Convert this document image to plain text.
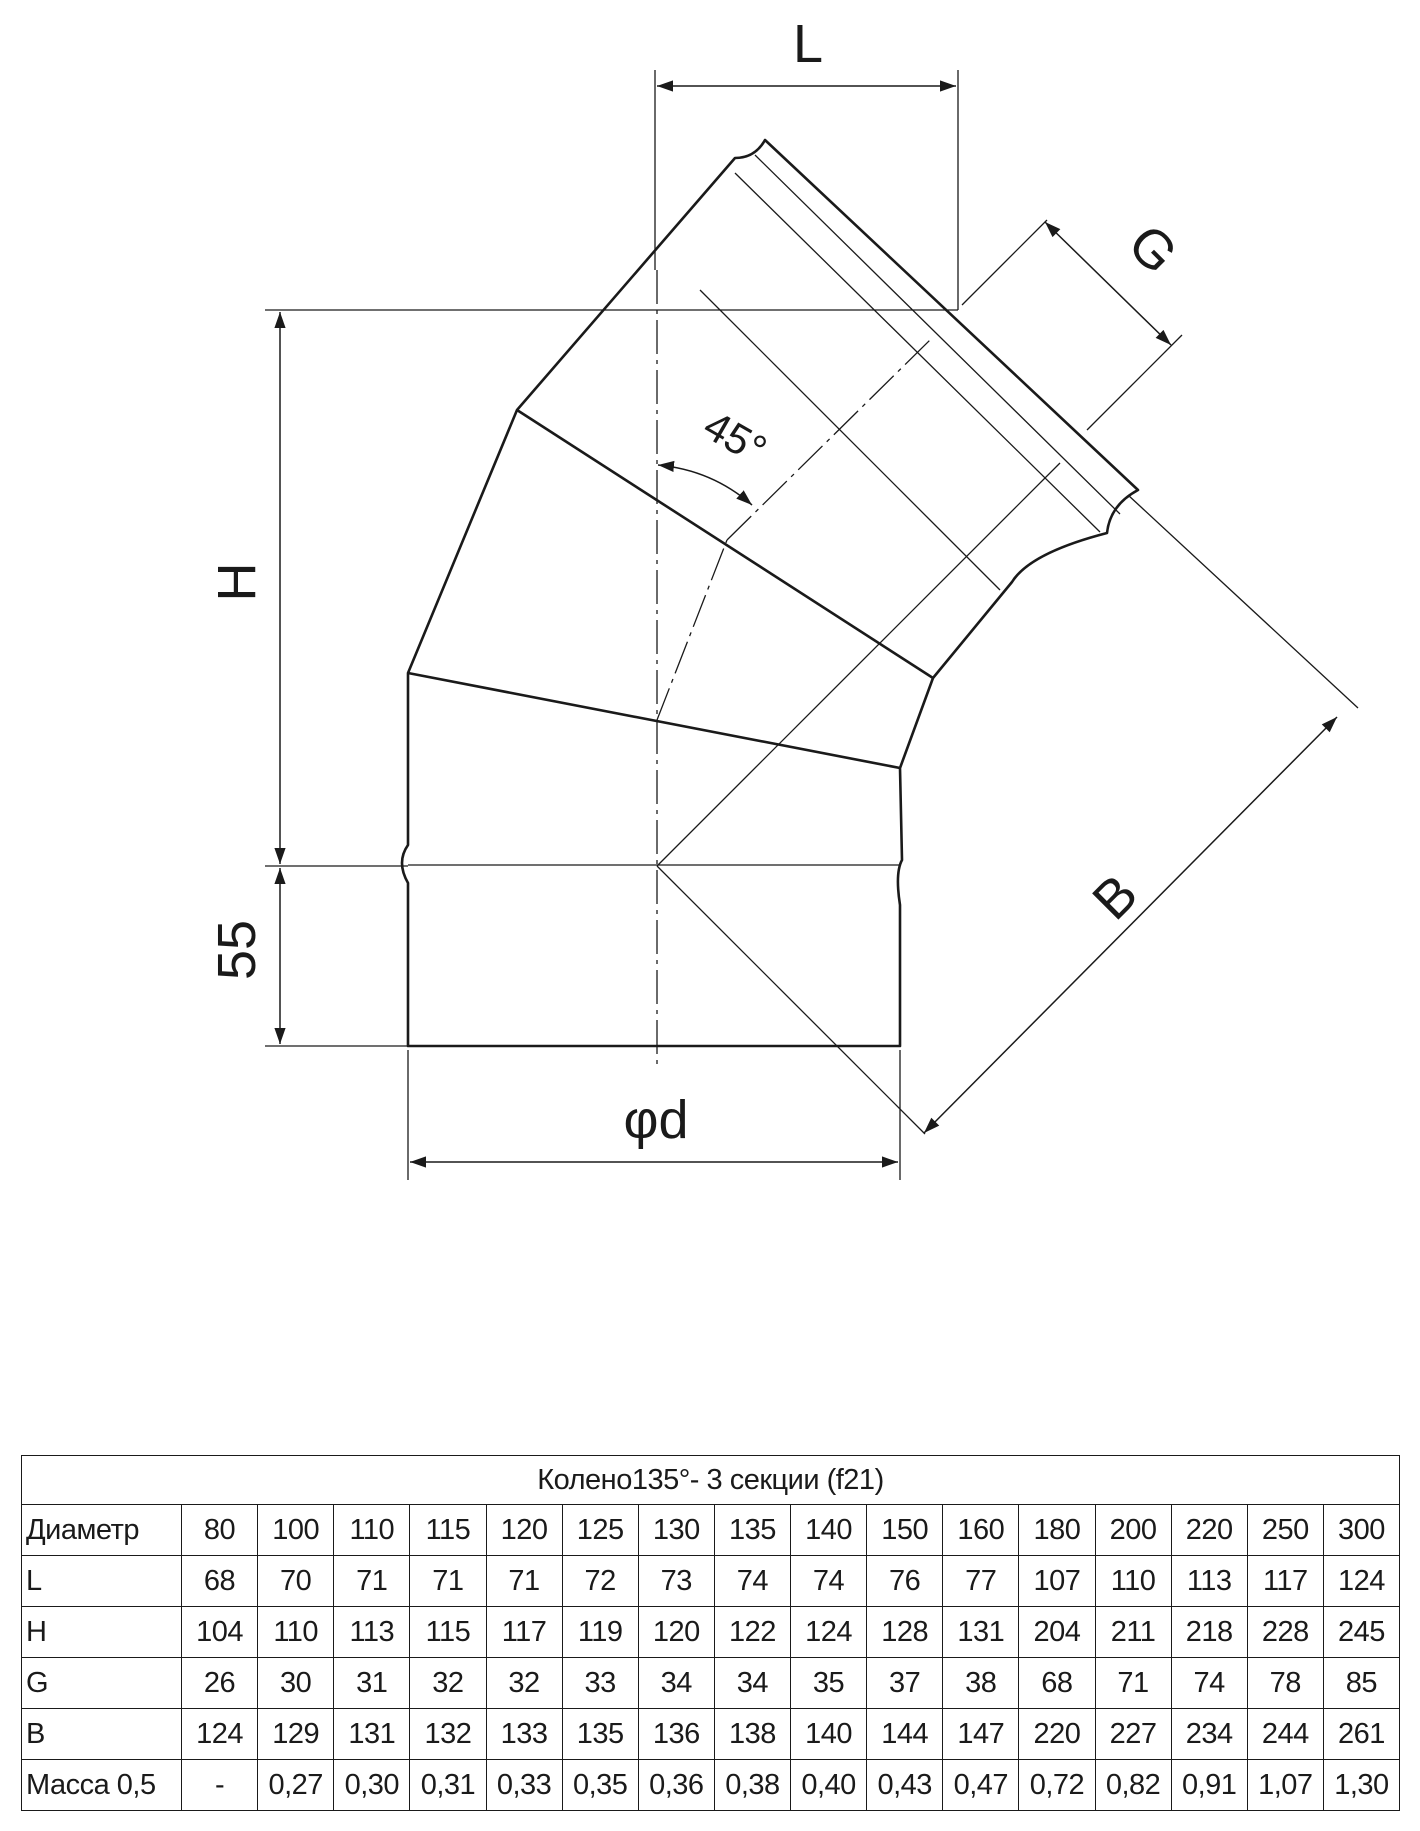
L
G
H
55
φd
B
45°
Колено135°- 3 секции (f21)																
Диаметр	80	100	110	115	120	125	130	135	140	150	160	180	200	220	250	300
L	68	70	71	71	71	72	73	74	74	76	77	107	110	113	117	124
H	104	110	113	115	117	119	120	122	124	128	131	204	211	218	228	245
G	26	30	31	32	32	33	34	34	35	37	38	68	71	74	78	85
B	124	129	131	132	133	135	136	138	140	144	147	220	227	234	244	261
Масса 0,5	-	0,27	0,30	0,31	0,33	0,35	0,36	0,38	0,40	0,43	0,47	0,72	0,82	0,91	1,07	1,30
